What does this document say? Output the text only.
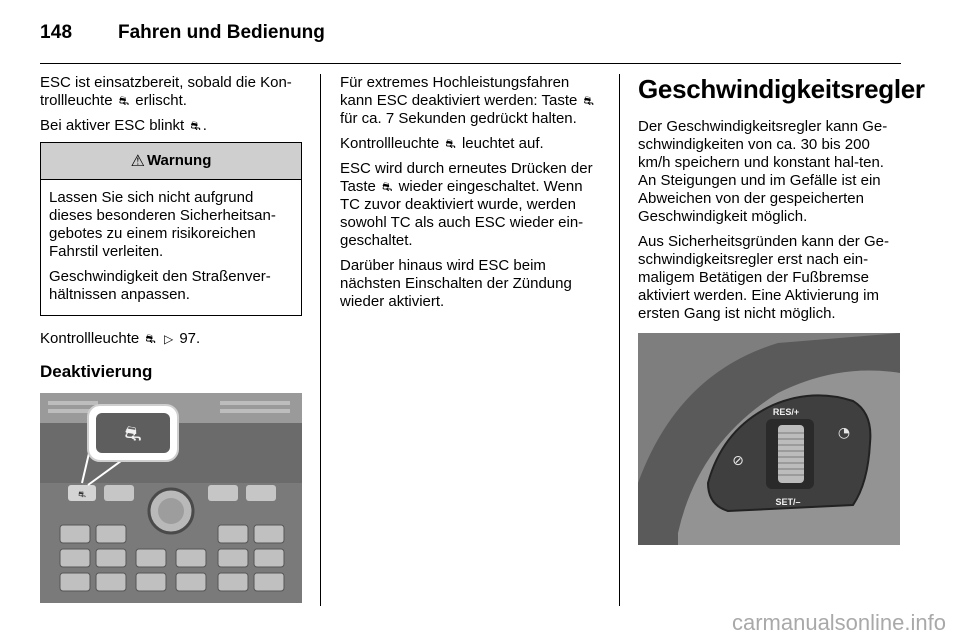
148 Fahren und Bedienung

ESC ist einsatzbereit, sobald die Kon-trollleuchte ⛐ erlischt.

Bei aktiver ESC blinkt ⛐ .

⚠ Warnung

Lassen Sie sich nicht aufgrund dieses besonderen Sicherheitsan-gebotes zu einem risikoreichen Fahrstil verleiten.

Geschwindigkeit den Straßenver-hältnissen anpassen.

Kontrollleuchte ⛐ ▷ 97.

Deaktivierung
⛐
⛐

Für extremes Hochleistungsfahren kann ESC deaktiviert werden: Taste ⛐ für ca. 7 Sekunden gedrückt halten.

Kontrollleuchte ⛐ leuchtet auf.

ESC wird durch erneutes Drücken der Taste ⛐ wieder eingeschaltet. Wenn TC zuvor deaktiviert wurde, werden sowohl TC als auch ESC wieder ein-geschaltet.

Darüber hinaus wird ESC beim nächsten Einschalten der Zündung wieder aktiviert.

Geschwindigkeitsregler

Der Geschwindigkeitsregler kann Ge-schwindigkeiten von ca. 30 bis 200 km/h speichern und konstant hal-ten. An Steigungen und im Gefälle ist ein Abweichen von der gespeicherten Geschwindigkeit möglich.

Aus Sicherheitsgründen kann der Ge-schwindigkeitsregler erst nach ein-maligem Betätigen der Fußbremse aktiviert werden. Eine Aktivierung im ersten Gang ist nicht möglich.

RES/+
SET/–
⊘
◔
carmanualsonline.info
